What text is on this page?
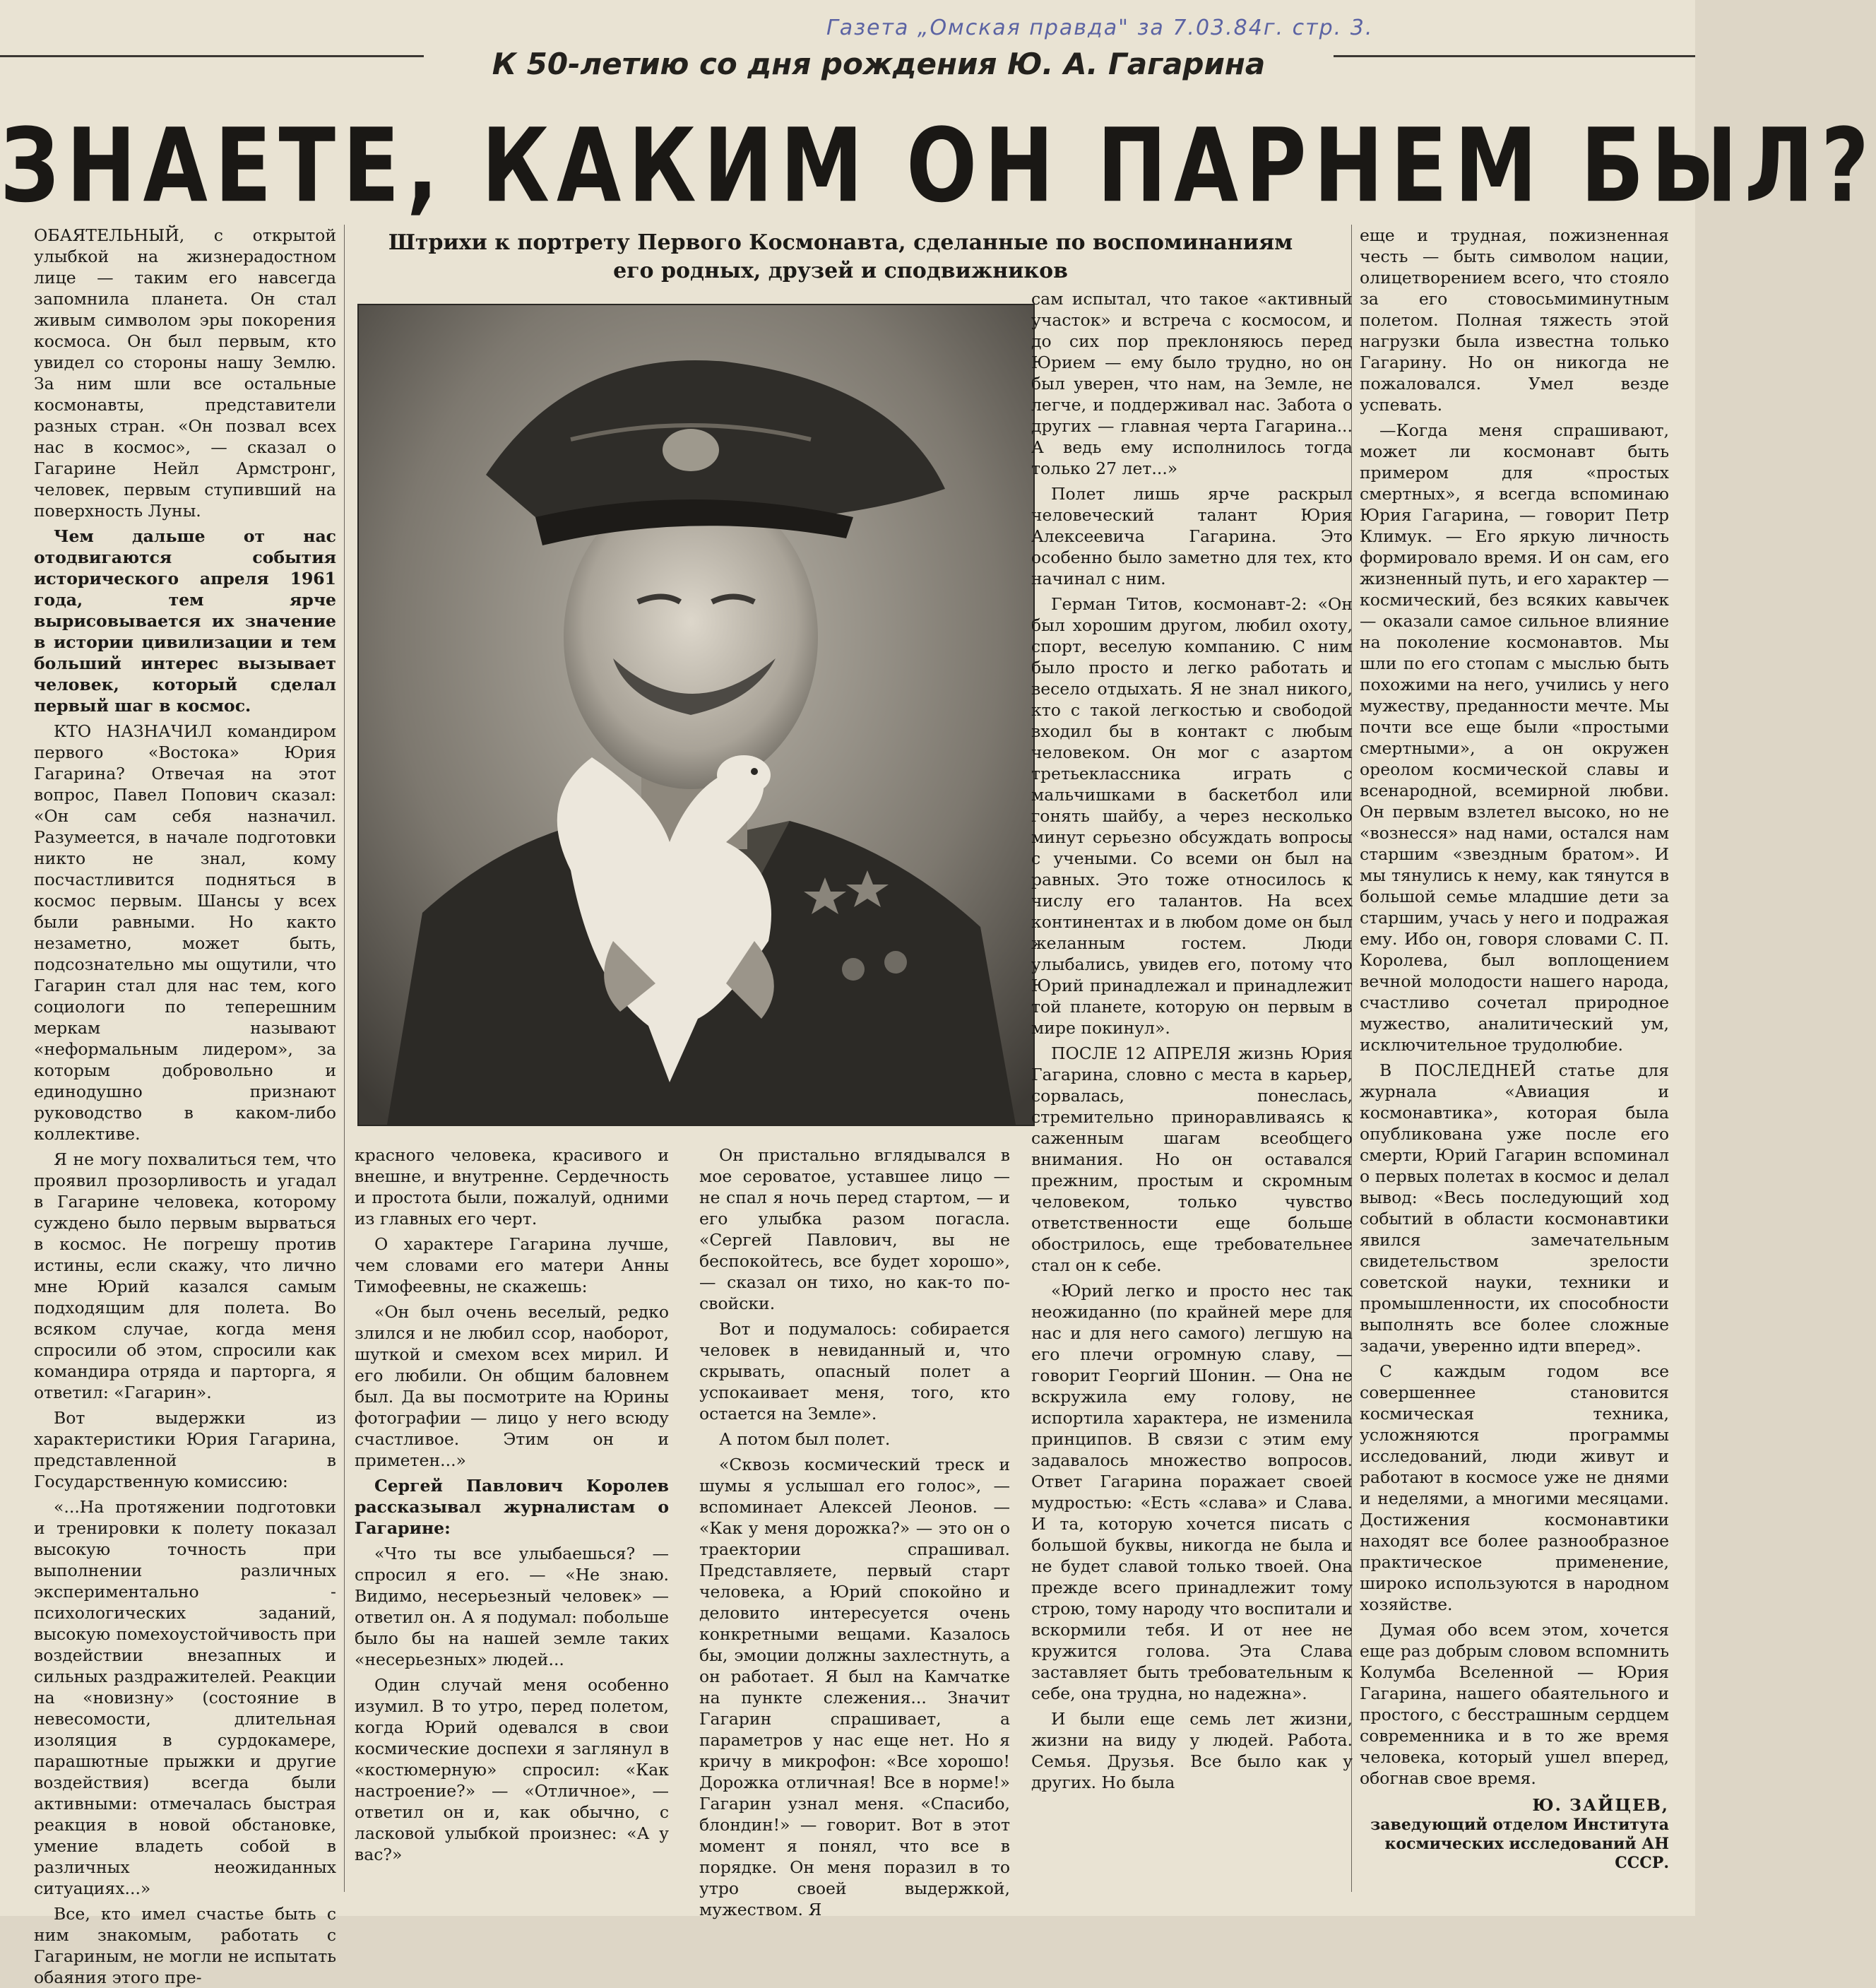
Газета „Омская правда" за 7.03.84г. стр. 3.
К 50-летию со дня рождения Ю. А. Гагарина
ЗНАЕТЕ, КАКИМ ОН ПАРНЕМ БЫЛ?

ОБАЯТЕЛЬНЫЙ, с открытой улыбкой на жизнерадостном лице — таким его навсегда запомнила планета. Он стал живым символом эры покорения космоса. Он был первым, кто увидел со стороны нашу Землю. За ним шли все остальные космонавты, представители разных стран. «Он позвал всех нас в космос», — сказал о Гагарине Нейл Армстронг, человек, первым ступивший на поверхность Луны.

Чем дальше от нас отодвигаются события исторического апреля 1961 года, тем ярче вырисовывается их значение в истории цивилизации и тем больший интерес вызывает человек, который сделал первый шаг в космос.

КТО НАЗНАЧИЛ командиром первого «Востока» Юрия Гагарина? Отвечая на этот вопрос, Павел Попович сказал: «Он сам себя назначил. Разумеется, в начале подготовки никто не знал, кому посчастливится подняться в космос первым. Шансы у всех были равными. Но както незаметно, может быть, подсознательно мы ощутили, что Гагарин стал для нас тем, кого социологи по теперешним меркам называют «неформальным лидером», за которым добровольно и единодушно признают руководство в каком-либо коллективе.

Я не могу похвалиться тем, что проявил прозорливость и угадал в Гагарине человека, которому суждено было первым вырваться в космос. Не погрешу против истины, если скажу, что лично мне Юрий казался самым подходящим для полета. Во всяком случае, когда меня спросили об этом, спросили как командира отряда и парторга, я ответил: «Гагарин».

Вот выдержки из характеристики Юрия Гагарина, представленной в Государственную комиссию:

«...На протяжении подготовки и тренировки к полету показал высокую точность при выполнении различных экспериментально - психологических заданий, высокую помехоустойчивость при воздействии внезапных и сильных раздражителей. Реакции на «новизну» (состояние в невесомости, длительная изоляция в сурдокамере, парашютные прыжки и другие воздействия) всегда были активными: отмечалась быстрая реакция в новой обстановке, умение владеть собой в различных неожиданных ситуациях...»

Все, кто имел счастье быть с ним знакомым, работать с Гагариным, не могли не испытать обаяния этого пре-

Штрихи к портрету Первого Космонавта, сделанные по воспоминаниям его родных, друзей и сподвижников

красного человека, красивого и внешне, и внутренне. Сердечность и простота были, пожалуй, одними из главных его черт.

О характере Гагарина лучше, чем словами его матери Анны Тимофеевны, не скажешь:

«Он был очень веселый, редко злился и не любил ссор, наоборот, шуткой и смехом всех мирил. И его любили. Он общим баловнем был. Да вы посмотрите на Юрины фотографии — лицо у него всюду счастливое. Этим он и приметен...»

Сергей Павлович Королев рассказывал журналистам о Гагарине:

«Что ты все улыбаешься? —спросил я его. — «Не знаю. Видимо, несерьезный человек» — ответил он. А я подумал: побольше было бы на нашей земле таких «несерьезных» людей...

Один случай меня особенно изумил. В то утро, перед полетом, когда Юрий одевался в свои космические доспехи я заглянул в «костюмерную» спросил: «Как настроение?» — «Отличное», — ответил он и, как обычно, с ласковой улыбкой произнес: «А у вас?»

Он пристально вглядывался в мое сероватое, уставшее лицо — не спал я ночь перед стартом, — и его улыбка разом погасла. «Сергей Павлович, вы не беспокойтесь, все будет хорошо», — сказал он тихо, но как-то по-свойски.

Вот и подумалось: собирается человек в невиданный и, что скрывать, опасный полет а успокаивает меня, того, кто остается на Земле».

А потом был полет.

«Сквозь космический треск и шумы я услышал его голос», — вспоминает Алексей Леонов. — «Как у меня дорожка?» — это он о траектории спрашивал. Представляете, первый старт человека, а Юрий спокойно и деловито интересуется очень конкретными вещами. Казалось бы, эмоции должны захлестнуть, а он работает. Я был на Камчатке на пункте слежения... Значит Гагарин спрашивает, а параметров у нас еще нет. Но я кричу в микрофон: «Все хорошо! Дорожка отличная! Все в норме!» Гагарин узнал меня. «Спасибо, блондин!» — говорит. Вот в этот момент я понял, что все в порядке. Он меня поразил в то утро своей выдержкой, мужеством. Я

сам испытал, что такое «активный участок» и встреча с космосом, и до сих пор преклоняюсь перед Юрием — ему было трудно, но он был уверен, что нам, на Земле, не легче, и поддерживал нас. Забота о других — главная черта Гагарина... А ведь ему исполнилось тогда только 27 лет...»

Полет лишь ярче раскрыл человеческий талант Юрия Алексеевича Гагарина. Это особенно было заметно для тех, кто начинал с ним.

Герман Титов, космонавт-2: «Он был хорошим другом, любил охоту, спорт, веселую компанию. С ним было просто и легко работать и весело отдыхать. Я не знал никого, кто с такой легкостью и свободой входил бы в контакт с любым человеком. Он мог с азартом третьеклассника играть с мальчишками в баскетбол или гонять шайбу, а через несколько минут серьезно обсуждать вопросы с учеными. Со всеми он был на равных. Это тоже относилось к числу его талантов. На всех континентах и в любом доме он был желанным гостем. Люди улыбались, увидев его, потому что Юрий принадлежал и принадлежит той планете, которую он первым в мире покинул».

ПОСЛЕ 12 АПРЕЛЯ жизнь Юрия Гагарина, словно с места в карьер, сорвалась, понеслась, стремительно приноравливаясь к саженным шагам всеобщего внимания. Но он оставался прежним, простым и скромным человеком, только чувство ответственности еще больше обострилось, еще требовательнее стал он к себе.

«Юрий легко и просто нес так неожиданно (по крайней мере для нас и для него самого) легшую на его плечи огромную славу, — говорит Георгий Шонин. — Она не вскружила ему голову, не испортила характера, не изменила принципов. В связи с этим ему задавалось множество вопросов. Ответ Гагарина поражает своей мудростью: «Есть «слава» и Слава. И та, которую хочется писать с большой буквы, никогда не была и не будет славой только твоей. Она прежде всего принадлежит тому строю, тому народу что воспитали и вскормили тебя. И от нее не кружится голова. Эта Слава заставляет быть требовательным к себе, она трудна, но надежна».

И были еще семь лет жизни, жизни на виду у людей. Работа. Семья. Друзья. Все было как у других. Но была

еще и трудная, пожизненная честь — быть символом нации, олицетворением всего, что стояло за его стовосьмиминутным полетом. Полная тяжесть этой нагрузки была известна только Гагарину. Но он никогда не пожаловался. Умел везде успевать.

—Когда меня спрашивают, может ли космонавт быть примером для «простых смертных», я всегда вспоминаю Юрия Гагарина, — говорит Петр Климук. — Его яркую личность формировало время. И он сам, его жизненный путь, и его характер — космический, без всяких кавычек — оказали самое сильное влияние на поколение космонавтов. Мы шли по его стопам с мыслью быть похожими на него, учились у него мужеству, преданности мечте. Мы почти все еще были «простыми смертными», а он окружен ореолом космической славы и всенародной, всемирной любви. Он первым взлетел высоко, но не «вознесся» над нами, остался нам старшим «звездным братом». И мы тянулись к нему, как тянутся в большой семье младшие дети за старшим, учась у него и подражая ему. Ибо он, говоря словами С. П. Королева, был воплощением вечной молодости нашего народа, счастливо сочетал природное мужество, аналитический ум, исключительное трудолюбие.

В ПОСЛЕДНЕЙ статье для журнала «Авиация и космонавтика», которая была опубликована уже после его смерти, Юрий Гагарин вспоминал о первых полетах в космос и делал вывод: «Весь последующий ход событий в области космонавтики явился замечательным свидетельством зрелости советской науки, техники и промышленности, их способности выполнять все более сложные задачи, уверенно идти вперед».

С каждым годом все совершеннее становится космическая техника, усложняются программы исследований, люди живут и работают в космосе уже не днями и неделями, а многими месяцами. Достижения космонавтики находят все более разнообразное практическое применение, широко используются в народном хозяйстве.

Думая обо всем этом, хочется еще раз добрым словом вспомнить Колумба Вселенной — Юрия Гагарина, нашего обаятельного и простого, с бесстрашным сердцем современника и в то же время человека, который ушел вперед, обогнав свое время.

Ю. ЗАЙЦЕВ,
заведующий отделом Института космических исследований АН СССР.
